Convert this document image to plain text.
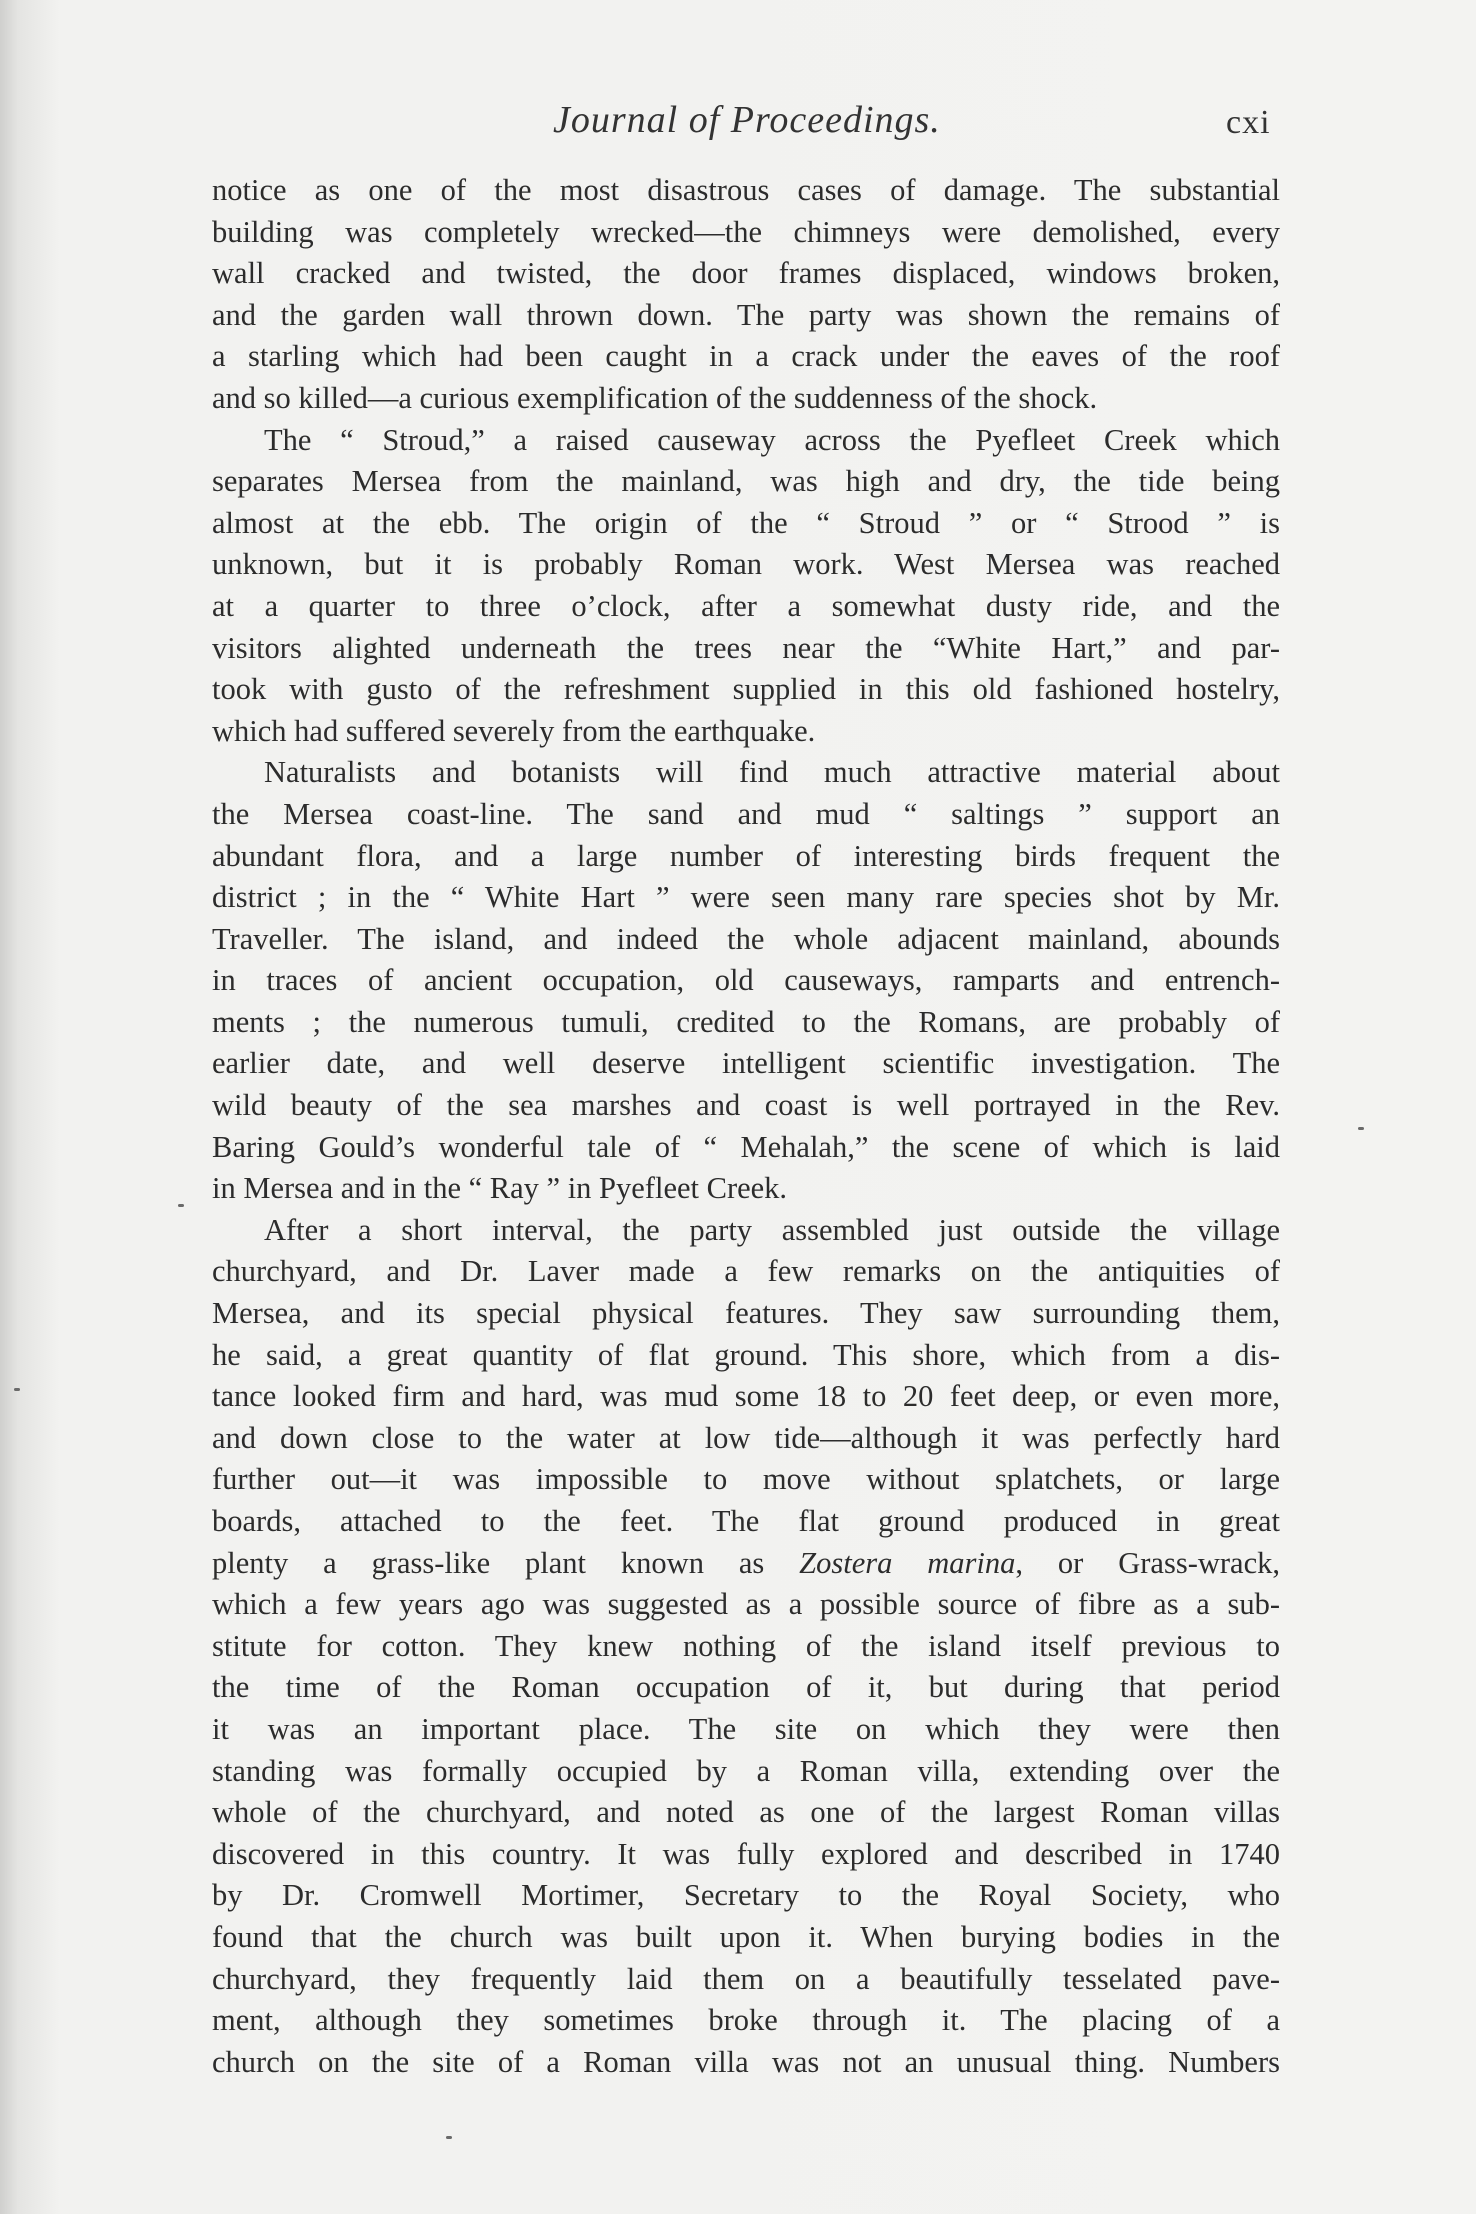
Journal of Proceedings.	cxi
notice as one of the most disastrous cases of damage. The substantial
building was completely wrecked—the chimneys were demolished, every
wall cracked and twisted, the door frames displaced, windows broken,
and the garden wall thrown down. The party was shown the remains of
a starling which had been caught in a crack under the eaves of the roof
and so killed—a curious exemplification of the suddenness of the shock.
The “ Stroud,” a raised causeway across the Pyefleet Creek which
separates Mersea from the mainland, was high and dry, the tide being
almost at the ebb. The origin of the “ Stroud ” or “ Strood ” is
unknown, but it is probably Roman work. West Mersea was reached
at a quarter to three o’clock, after a somewhat dusty ride, and the
visitors alighted underneath the trees near the “White Hart,” and par-
took with gusto of the refreshment supplied in this old fashioned hostelry,
which had suffered severely from the earthquake.
Naturalists and botanists will find much attractive material about
the Mersea coast-line. The sand and mud “ saltings ” support an
abundant flora, and a large number of interesting birds frequent the
district ; in the “ White Hart ” were seen many rare species shot by Mr.
Traveller. The island, and indeed the whole adjacent mainland, abounds
in traces of ancient occupation, old causeways, ramparts and entrench-
ments ; the numerous tumuli, credited to the Romans, are probably of
earlier date, and well deserve intelligent scientific investigation. The
wild beauty of the sea marshes and coast is well portrayed in the Rev.
Baring Gould’s wonderful tale of “ Mehalah,” the scene of which is laid
in Mersea and in the “ Ray ” in Pyefleet Creek.
After a short interval, the party assembled just outside the village
churchyard, and Dr. Laver made a few remarks on the antiquities of
Mersea, and its special physical features. They saw surrounding them,
he said, a great quantity of flat ground. This shore, which from a dis-
tance looked firm and hard, was mud some 18 to 20 feet deep, or even more,
and down close to the water at low tide—although it was perfectly hard
further out—it was impossible to move without splatchets, or large
boards, attached to the feet. The flat ground produced in great
plenty a grass-like plant known as Zostera marina, or Grass-wrack,
which a few years ago was suggested as a possible source of fibre as a sub-
stitute for cotton. They knew nothing of the island itself previous to
the time of the Roman occupation of it, but during that period
it was an important place. The site on which they were then
standing was formally occupied by a Roman villa, extending over the
whole of the churchyard, and noted as one of the largest Roman villas
discovered in this country. It was fully explored and described in 1740
by Dr. Cromwell Mortimer, Secretary to the Royal Society, who
found that the church was built upon it. When burying bodies in the
churchyard, they frequently laid them on a beautifully tesselated pave-
ment, although they sometimes broke through it. The placing of a
church on the site of a Roman villa was not an unusual thing. Numbers
